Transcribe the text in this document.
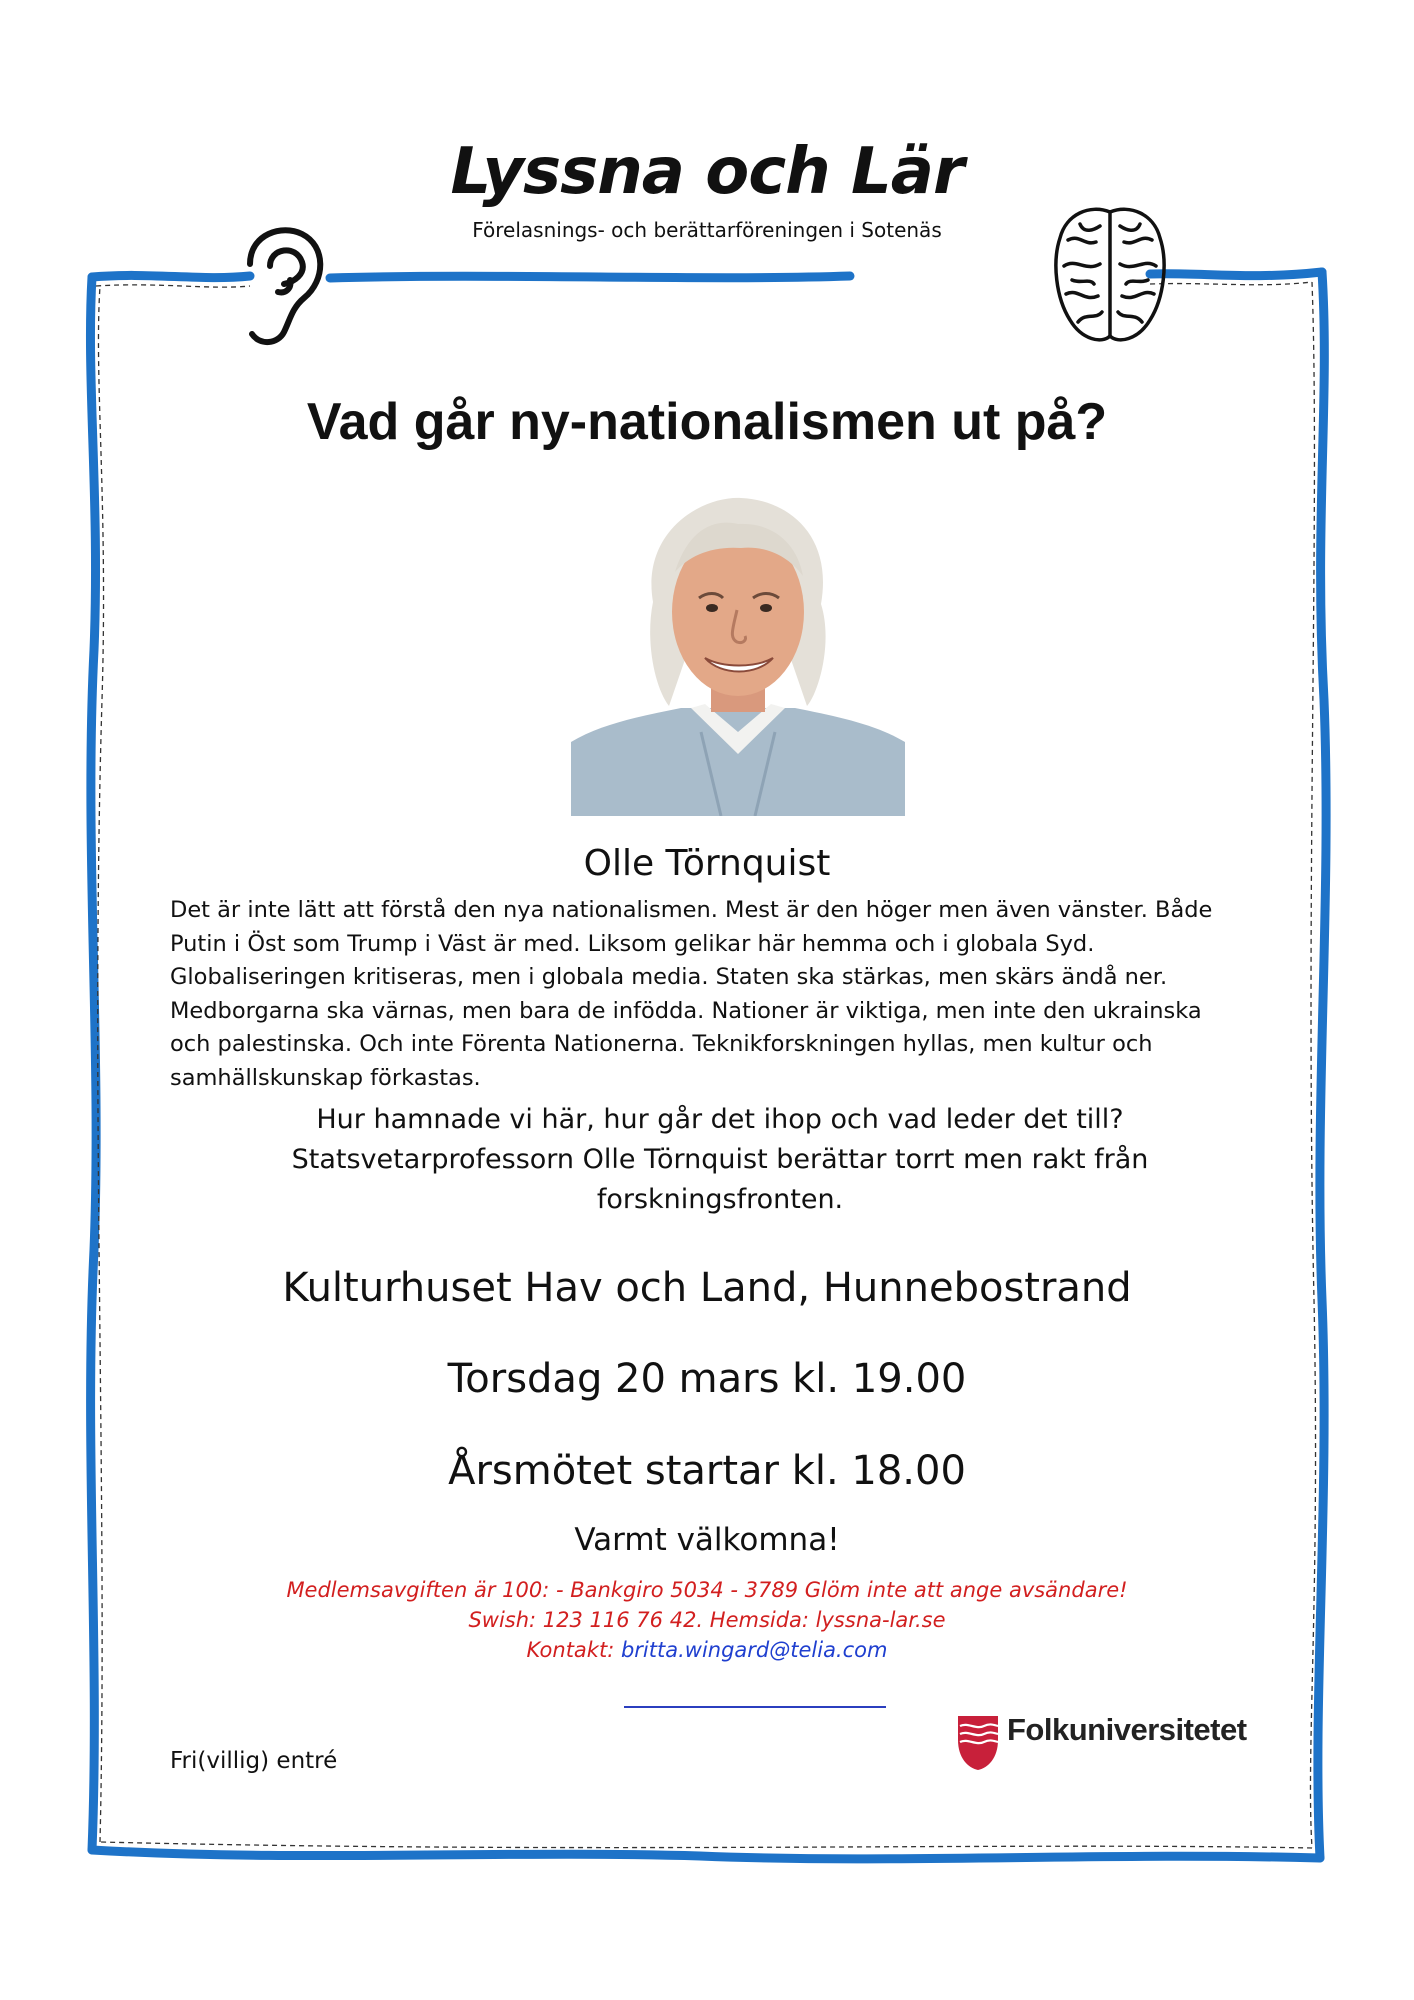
Lyssna och Lär
Förelasnings- och berättarföreningen i Sotenäs
Vad går ny-nationalismen ut på?
Olle Törnquist
Det är inte lätt att förstå den nya nationalismen. Mest är den höger men även vänster. Både
Putin i Öst som Trump i Väst är med. Liksom gelikar här hemma och i globala Syd.
Globaliseringen kritiseras, men i globala media. Staten ska stärkas, men skärs ändå ner.
Medborgarna ska värnas, men bara de infödda. Nationer är viktiga, men inte den ukrainska
och palestinska. Och inte Förenta Nationerna. Teknikforskningen hyllas, men kultur och
samhällskunskap förkastas.
Hur hamnade vi här, hur går det ihop och vad leder det till?
Statsvetarprofessorn Olle Törnquist berättar torrt men rakt från
forskningsfronten.
Kulturhuset Hav och Land, Hunnebostrand
Torsdag 20 mars kl. 19.00
Årsmötet startar kl. 18.00
Varmt välkomna!
Medlemsavgiften är 100: - Bankgiro 5034 - 3789 Glöm inte att ange avsändare!
Swish: 123 116 76 42. Hemsida: lyssna-lar.se
Kontakt: britta.wingard@telia.com
Fri(villig) entré
Folkuniversitetet
